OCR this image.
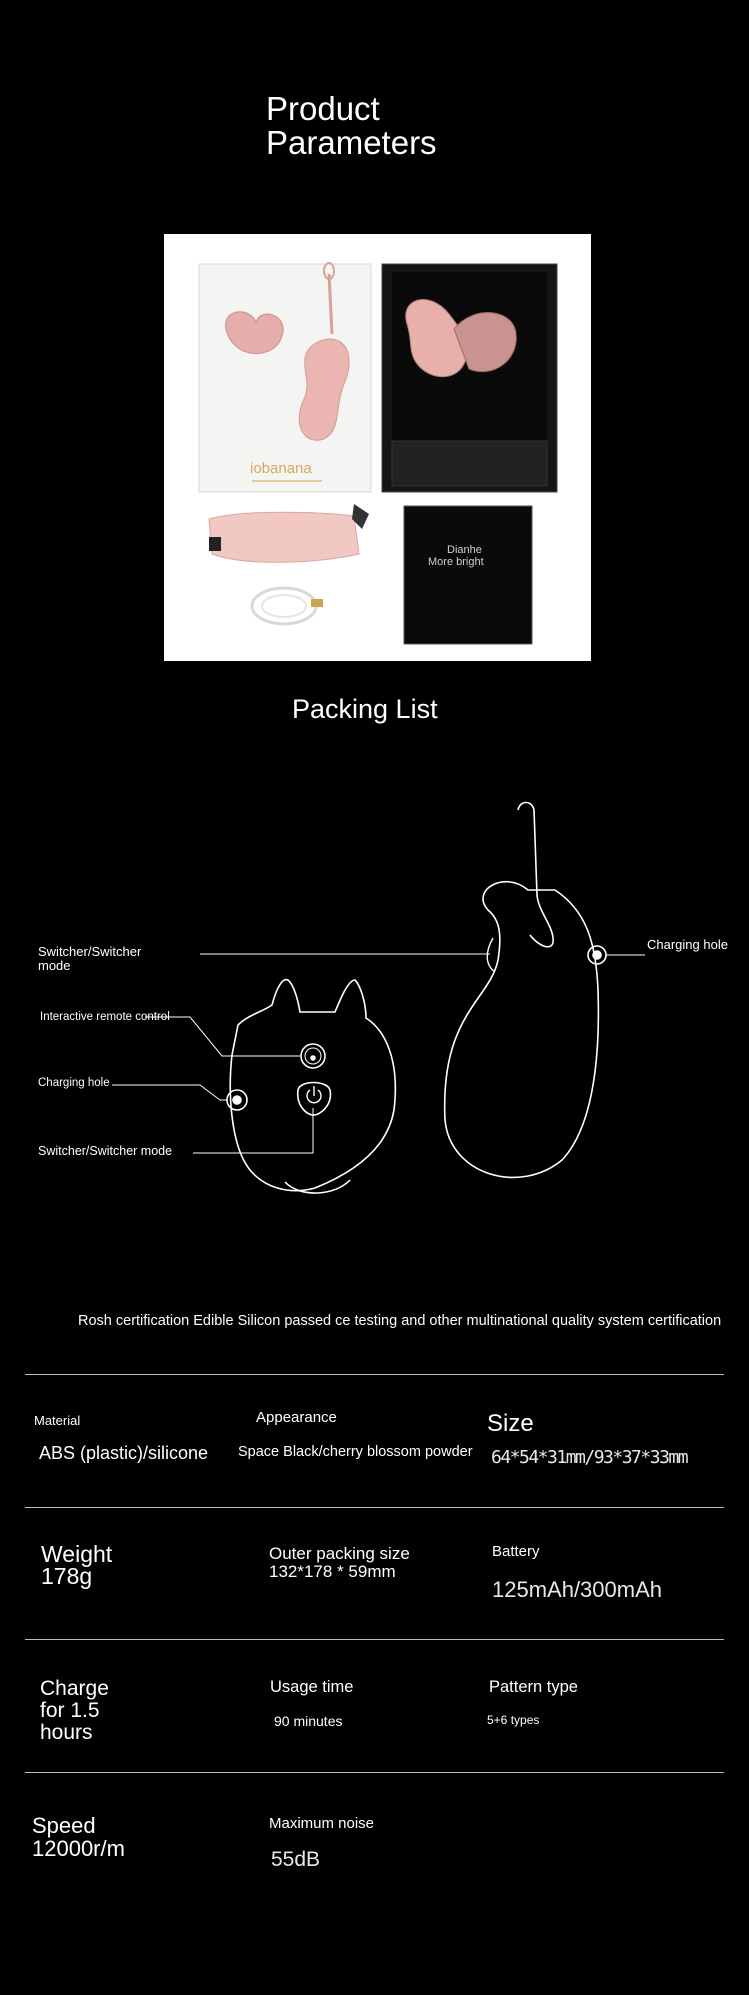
Product
Parameters
iobanana
Dianhe
More bright
Packing List
Switcher/Switcher
mode
Interactive remote control
Charging hole
Switcher/Switcher mode
Charging hole
Rosh certification Edible Silicon passed ce testing and other multinational quality system certification
Material
ABS (plastic)/silicone
Appearance
Space Black/cherry blossom powder
Size
64*54*31mm/93*37*33mm
Weight
178g
Outer packing size
132*178 * 59mm
Battery
125mAh/300mAh
Charge
for 1.5
hours
Usage time
90 minutes
Pattern type
5+6 types
Speed
12000r/m
Maximum noise
55dB
